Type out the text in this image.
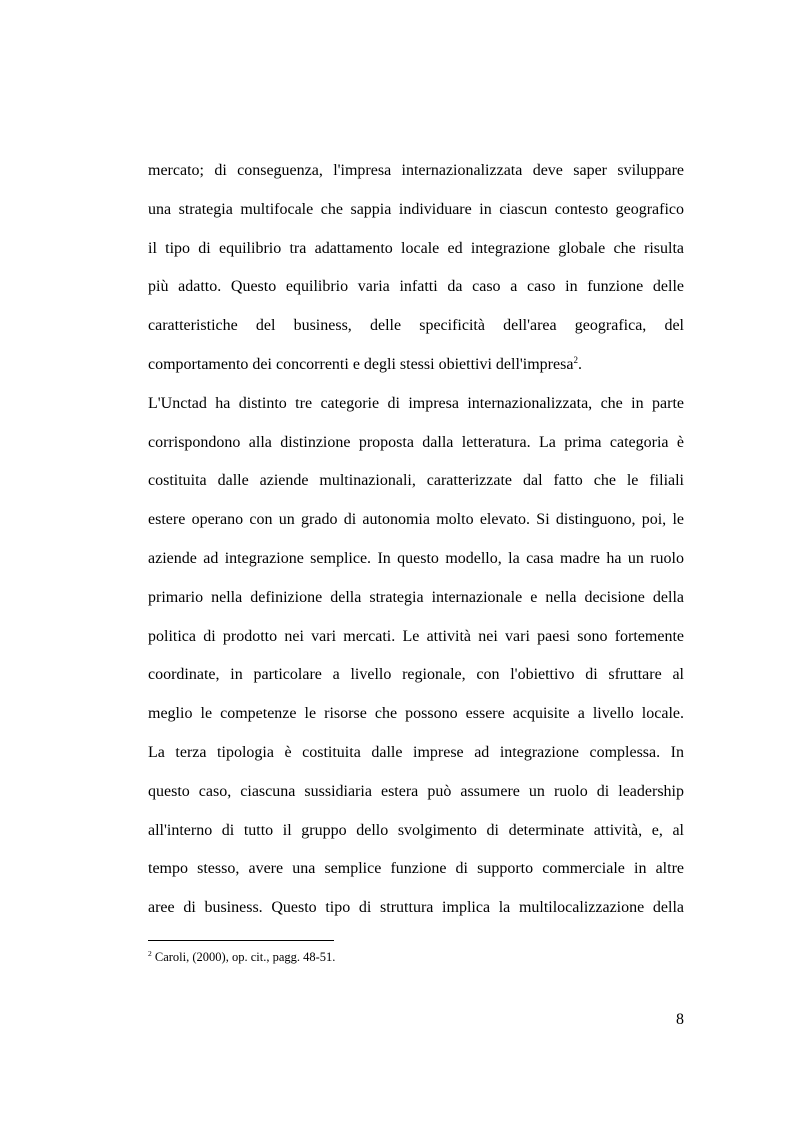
mercato; di conseguenza, l'impresa internazionalizzata deve saper sviluppare
una strategia multifocale che sappia individuare in ciascun contesto geografico
il tipo di equilibrio tra adattamento locale ed integrazione globale che risulta
più adatto. Questo equilibrio varia infatti da caso a caso in funzione delle
caratteristiche del business, delle specificità dell'area geografica, del
comportamento dei concorrenti e degli stessi obiettivi dell'impresa$^2$.
L'Unctad ha distinto tre categorie di impresa internazionalizzata, che in parte
corrispondono alla distinzione proposta dalla letteratura. La prima categoria è
costituita dalle aziende multinazionali, caratterizzate dal fatto che le filiali
estere operano con un grado di autonomia molto elevato. Si distinguono, poi, le
aziende ad integrazione semplice. In questo modello, la casa madre ha un ruolo
primario nella definizione della strategia internazionale e nella decisione della
politica di prodotto nei vari mercati. Le attività nei vari paesi sono fortemente
coordinate, in particolare a livello regionale, con l'obiettivo di sfruttare al
meglio le competenze le risorse che possono essere acquisite a livello locale.
La terza tipologia è costituita dalle imprese ad integrazione complessa. In
questo caso, ciascuna sussidiaria estera può assumere un ruolo di leadership
all'interno di tutto il gruppo dello svolgimento di determinate attività, e, al
tempo stesso, avere una semplice funzione di supporto commerciale in altre
aree di business. Questo tipo di struttura implica la multilocalizzazione della
$^2$ Caroli, (2000), op. cit., pagg. 48-51.
8
